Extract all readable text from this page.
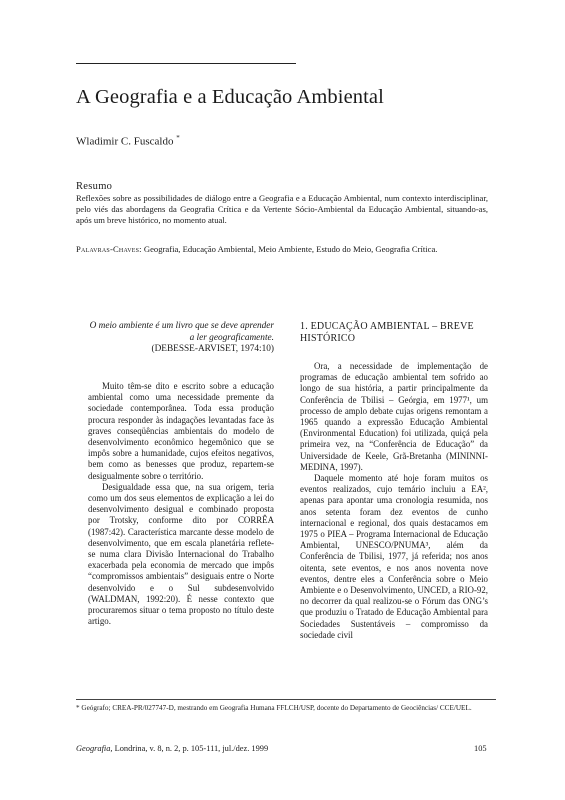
A Geografia e a Educação Ambiental
Wladimir C. Fuscaldo *
Resumo
Reflexões sobre as possibilidades de diálogo entre a Geografia e a Educação Ambiental, num contexto interdisciplinar, pelo viés das abordagens da Geografia Crítica e da Vertente Sócio-Ambiental da Educação Ambiental, situando-as, após um breve histórico, no momento atual.
Palavras-Chaves: Geografia, Educação Ambiental, Meio Ambiente, Estudo do Meio, Geografia Crítica.
O meio ambiente é um livro que se deve aprender a ler geograficamente.
(DEBESSE-ARVISET, 1974:10)

Muito têm-se dito e escrito sobre a educação ambiental como uma necessidade premente da sociedade contemporânea. Toda essa produção procura responder às indagações levantadas face às graves conseqüências ambientais do modelo de desenvolvimento econômico hegemônico que se impôs sobre a humanidade, cujos efeitos negativos, bem como as benesses que produz, repartem-se desigualmente sobre o território.

Desigualdade essa que, na sua origem, teria como um dos seus elementos de explicação a lei do desenvolvimento desigual e combinado proposta por Trotsky, conforme dito por CORRÊA (1987:42). Característica marcante desse modelo de desenvolvimento, que em escala planetária reflete-se numa clara Divisão Internacional do Trabalho exacerbada pela economia de mercado que impôs “compromissos ambientais” desiguais entre o Norte desenvolvido e o Sul subdesenvolvido (WALDMAN, 1992:20). É nesse contexto que procuraremos situar o tema proposto no título deste artigo.

1. EDUCAÇÃO AMBIENTAL – BREVE HISTÓRICO

Ora, a necessidade de implementação de programas de educação ambiental tem sofrido ao longo de sua história, a partir principalmente da Conferência de Tbilisi – Geórgia, em 1977¹, um processo de amplo debate cujas origens remontam a 1965 quando a expressão Educação Ambiental (Environmental Education) foi utilizada, quiçá pela primeira vez, na “Conferência de Educação” da Universidade de Keele, Grã-Bretanha (MININNI-MEDINA, 1997).

Daquele momento até hoje foram muitos os eventos realizados, cujo temário incluiu a EA², apenas para apontar uma cronologia resumida, nos anos setenta foram dez eventos de cunho internacional e regional, dos quais destacamos em 1975 o PIEA – Programa Internacional de Educação Ambiental, UNESCO/PNUMA³, além da Conferência de Tbilisi, 1977, já referida; nos anos oitenta, sete eventos, e nos anos noventa nove eventos, dentre eles a Conferência sobre o Meio Ambiente e o Desenvolvimento, UNCED, a RIO-92, no decorrer da qual realizou-se o Fórum das ONG’s que produziu o Tratado de Educação Ambiental para Sociedades Sustentáveis – compromisso da sociedade civil

* Geógrafo; CREA-PR/027747-D, mestrando em Geografia Humana FFLCH/USP, docente do Departamento de Geociências/ CCE/UEL.
Geografia, Londrina, v. 8, n. 2, p. 105-111, jul./dez. 1999	105
